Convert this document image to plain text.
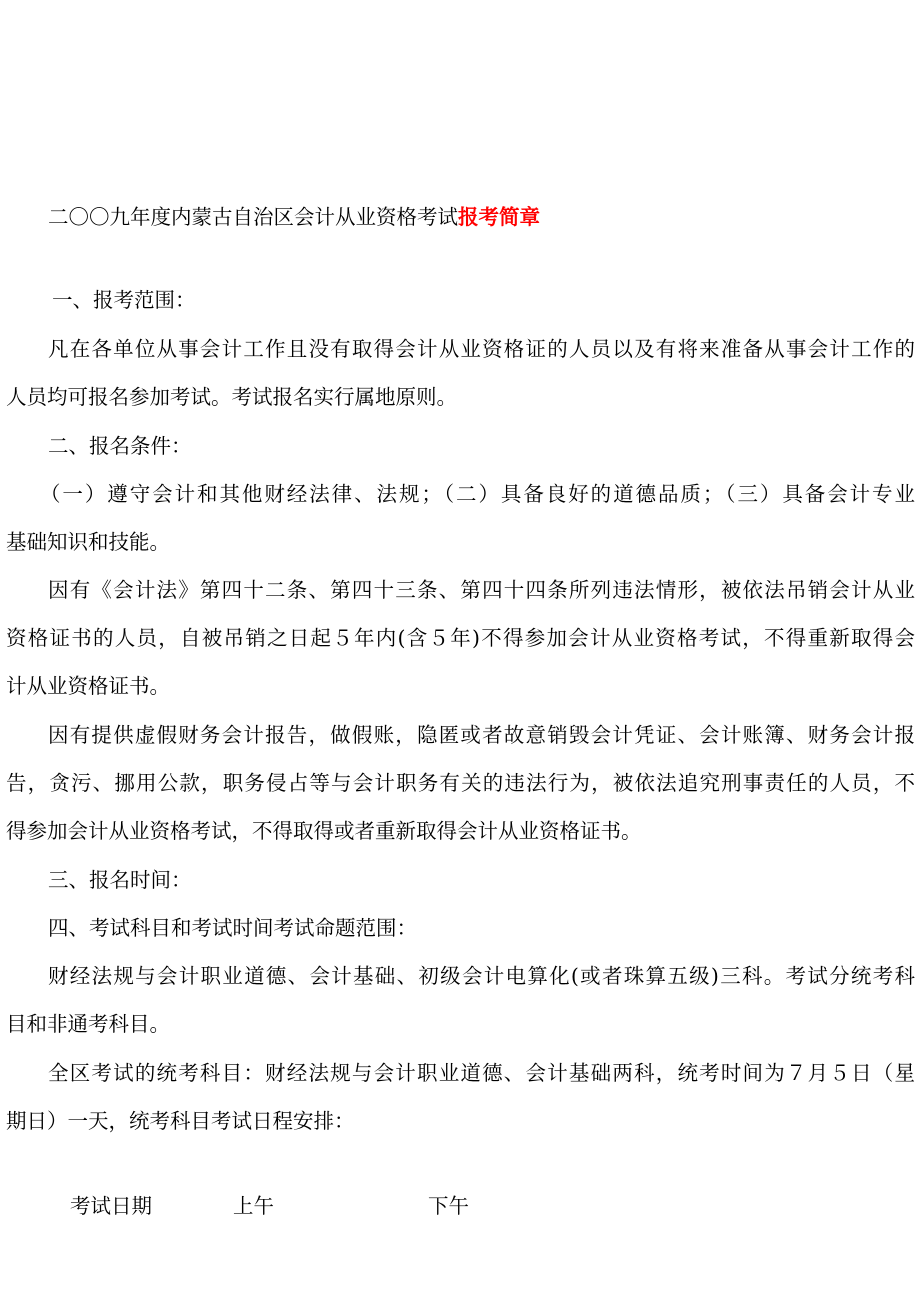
二〇〇九年度内蒙古自治区会计从业资格考试报考简章
一、报考范围：
凡在各单位从事会计工作且没有取得会计从业资格证的人员以及有将来准备从事会计工作的
人员均可报名参加考试。考试报名实行属地原则。
二、报名条件：
（一）遵守会计和其他财经法律、法规；（二）具备良好的道德品质；（三）具备会计专业
基础知识和技能。
因有《会计法》第四十二条、第四十三条、第四十四条所列违法情形，被依法吊销会计从业
资格证书的人员，自被吊销之日起５年内(含５年)不得参加会计从业资格考试，不得重新取得会
计从业资格证书。
因有提供虚假财务会计报告，做假账，隐匿或者故意销毁会计凭证、会计账簿、财务会计报
告，贪污、挪用公款，职务侵占等与会计职务有关的违法行为，被依法追究刑事责任的人员，不
得参加会计从业资格考试，不得取得或者重新取得会计从业资格证书。
三、报名时间：
四、考试科目和考试时间考试命题范围：
财经法规与会计职业道德、会计基础、初级会计电算化(或者珠算五级)三科。考试分统考科
目和非通考科目。
全区考试的统考科目：财经法规与会计职业道德、会计基础两科，统考时间为７月５日（星
期日）一天，统考科目考试日程安排：
考试日期	上午	下午
